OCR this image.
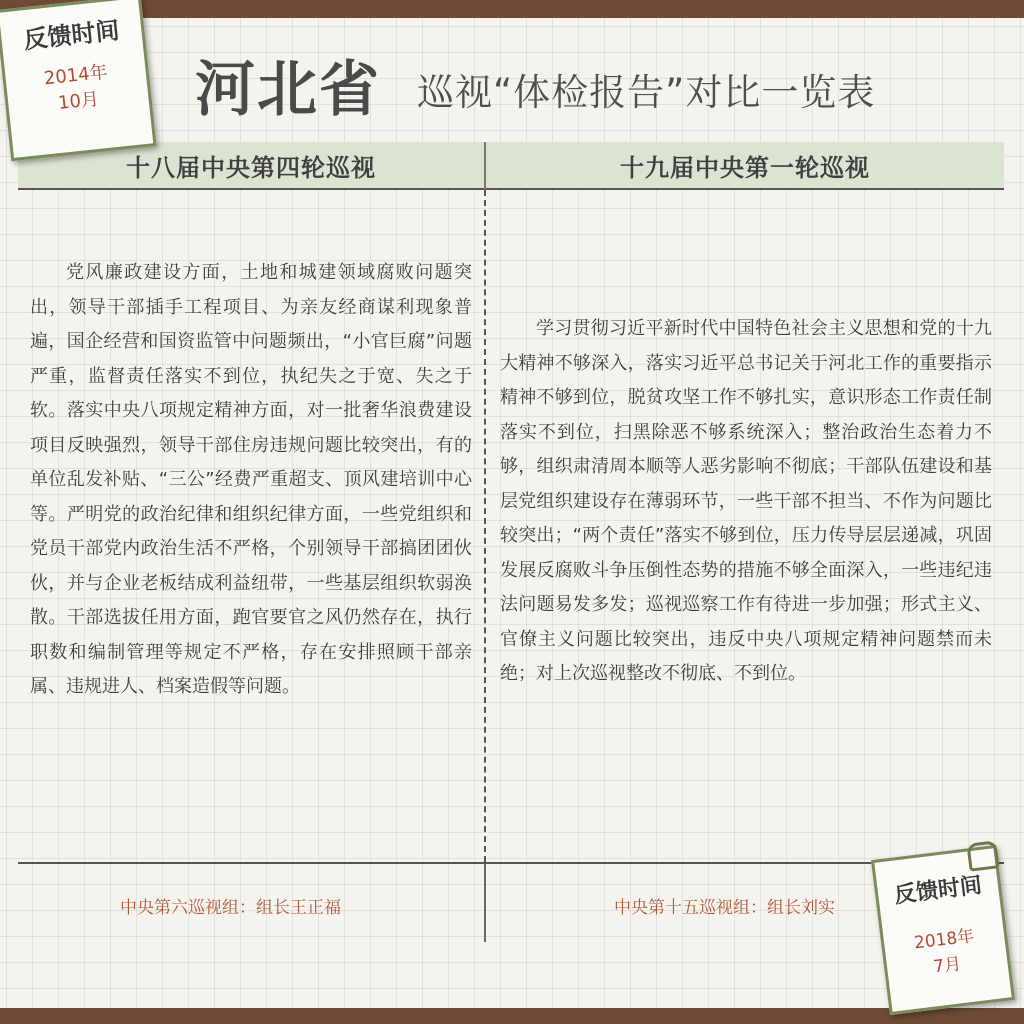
河北省 巡视“体检报告”对比一览表
十八届中央第四轮巡视	十九届中央第一轮巡视

党风廉政建设方面，土地和城建领域腐败问题突出，领导干部插手工程项目、为亲友经商谋利现象普遍，国企经营和国资监管中问题频出，“小官巨腐”问题严重，监督责任落实不到位，执纪失之于宽、失之于软。落实中央八项规定精神方面，对一批奢华浪费建设项目反映强烈，领导干部住房违规问题比较突出，有的单位乱发补贴、“三公”经费严重超支、顶风建培训中心等。严明党的政治纪律和组织纪律方面，一些党组织和党员干部党内政治生活不严格，个别领导干部搞团团伙伙，并与企业老板结成利益纽带，一些基层组织软弱涣散。干部选拔任用方面，跑官要官之风仍然存在，执行职数和编制管理等规定不严格，存在安排照顾干部亲属、违规进人、档案造假等问题。

学习贯彻习近平新时代中国特色社会主义思想和党的十九大精神不够深入，落实习近平总书记关于河北工作的重要指示精神不够到位，脱贫攻坚工作不够扎实，意识形态工作责任制落实不到位，扫黑除恶不够系统深入；整治政治生态着力不够，组织肃清周本顺等人恶劣影响不彻底；干部队伍建设和基层党组织建设存在薄弱环节，一些干部不担当、不作为问题比较突出；“两个责任”落实不够到位，压力传导层层递减，巩固发展反腐败斗争压倒性态势的措施不够全面深入，一些违纪违法问题易发多发；巡视巡察工作有待进一步加强；形式主义、官僚主义问题比较突出，违反中央八项规定精神问题禁而未绝；对上次巡视整改不彻底、不到位。

中央第六巡视组：组长王正福	中央第十五巡视组：组长刘实
反馈时间
2014年
10月
反馈时间
2018年
7月
